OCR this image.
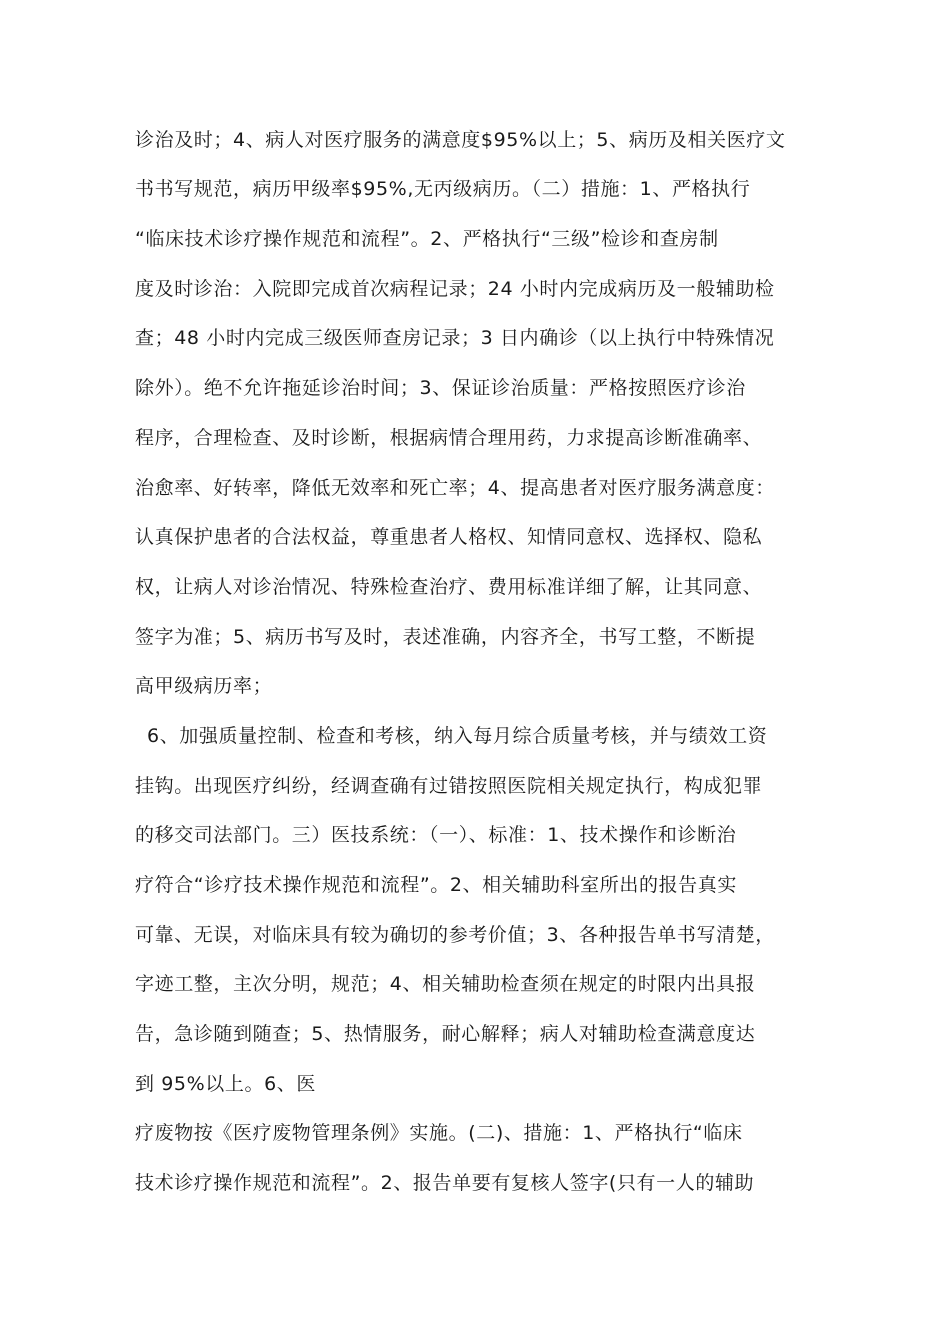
诊治及时；4、病人对医疗服务的满意度$95%以上；5、病历及相关医疗文
书书写规范，病历甲级率$95%,无丙级病历。（二）措施：1、严格执行
“临床技术诊疗操作规范和流程”。2、严格执行“三级”检诊和查房制
度及时诊治：入院即完成首次病程记录；24 小时内完成病历及一般辅助检
查；48 小时内完成三级医师查房记录；3 日内确诊（以上执行中特殊情况
除外）。绝不允许拖延诊治时间；3、保证诊治质量：严格按照医疗诊治
程序，合理检查、及时诊断，根据病情合理用药，力求提高诊断准确率、
治愈率、好转率，降低无效率和死亡率；4、提高患者对医疗服务满意度：
认真保护患者的合法权益，尊重患者人格权、知情同意权、选择权、隐私
权，让病人对诊治情况、特殊检查治疗、费用标准详细了解，让其同意、
签字为准；5、病历书写及时，表述准确，内容齐全，书写工整，不断提
高甲级病历率；
6、加强质量控制、检查和考核，纳入每月综合质量考核，并与绩效工资
挂钩。出现医疗纠纷，经调查确有过错按照医院相关规定执行，构成犯罪
的移交司法部门。三）医技系统：（一）、标准：1、技术操作和诊断治
疗符合“诊疗技术操作规范和流程”。2、相关辅助科室所出的报告真实
可靠、无误，对临床具有较为确切的参考价值；3、各种报告单书写清楚，
字迹工整，主次分明，规范；4、相关辅助检查须在规定的时限内出具报
告，急诊随到随查；5、热情服务，耐心解释；病人对辅助检查满意度达
到 95%以上。6、医
疗废物按《医疗废物管理条例》实施。(二)、措施：1、严格执行“临床
技术诊疗操作规范和流程”。2、报告单要有复核人签字(只有一人的辅助
